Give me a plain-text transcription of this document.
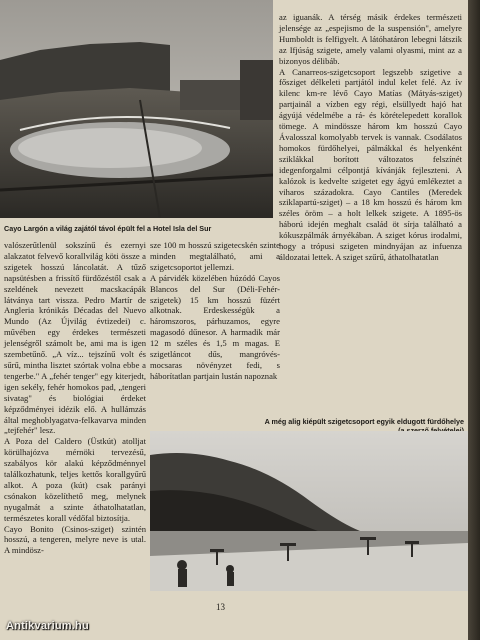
Cayo Largón a világ zajától távol épült fel a Hotel Isla del Sur
az iguanák. A térség másik érdekes természeti jelensége az „espejismo de la suspensión", amelyre Humboldt is felfigyelt. A látóhatáron lebegni látszik az Ifjúság szigete, amely valami olyasmi, mint az a bizonyos délibáb.
A Canarreos-szigetcsoport legszebb szigetive a fősziget délkeleti partjától indul kelet felé. Az ív kilenc km-re lévő Cayo Matías (Mátyás-sziget) partjainál a vízben egy régi, elsüllyedt hajó hat ágyújá védelmébe a rá- és körételepedett korallok tömege. A mindössze három km hosszú Cayo Ávalosszal komolyabb tervek is vannak. Csodálatos homokos fürdőhelyei, pálmákkal és helyenként sziklákkal borított változatos felszínét idegenforgalmi célpontjá kívánják fejleszteni. A kalózok is kedvelte szigetet egy ágyú emlékeztet a viharos századokra. Cayo Cantiles (Meredek sziklapartú-sziget) – a 18 km hosszú és három km széles öröm – a holt lelkek szigete. A 1895-ös háború idején meghalt család öt sírja található a kókuszpálmák árnyékában. A sziget kórus irodalmi, hogy a trópusi szigeten mindnyájan az infuenza áldozatai lettek. A sziget szűrű, áthatolhatatlan
valószerűtlenül sokszínű és ezernyi alakzatot felvevő korallvilág köti össze a szigetek hosszú láncolatát. A tűző napsütésben a frissítő fürdőzéstől csak a szeldének nevezett macskacápák látványa tart vissza. Pedro Martír de Angleria krónikás Décadas del Nuevo Mundo (Az Újvilág évtizedei) c. művében egy érdekes természeti jelenségről számolt be, ami ma is igen szembetűnő. „A víz... tejszínű volt és sűrű, mintha lisztet szórtak volna ebbe a tengerbe." A „fehér tenger" egy kiterjedt, igen sekély, fehér homokos pad, „tengeri sivatag" és biológiai érdeket képződményei idézik elő. A hullámzás által meghoblyagatva-felkavarva minden „tejfehér" lesz.
A Poza del Caldero (Üstkút) atolljat körülhajózva mérnöki tervezésű, szabályos kör alakú képződménnyel találkozhatunk, teljes kettős korallgyűrű alkot. A poza (kút) csak parányi csónakon közelíthető meg, melynek nyugalmát a szinte áthatolhatatlan, természetes korall védőfal biztosítja.
Cayo Bonito (Csinos-sziget) szintén hosszú, a tengeren, melyre neve is utal. A mindösz-
sze 100 m hosszú szigetecskén szinte minden megtalálható, ami a szigetcsoportot jellemzi.
A párvidék közelében húzódó Cayos Blancos del Sur (Déli-Fehér-szigetek) 15 km hosszú füzért alkotnak. Erdeskességük a háromszoros, párhuzamos, egyre magasodó dűnesor. A harmadik már 12 m széles és 1,5 m magas. E szigetláncot dűs, mangróvés-mocsaras növényzet fedi, s háborítatlan partjain lustán napoznak
A még alig kiépült szigetcsoport egyik eldugott fürdőhelye
13
Antikvarium.hu
